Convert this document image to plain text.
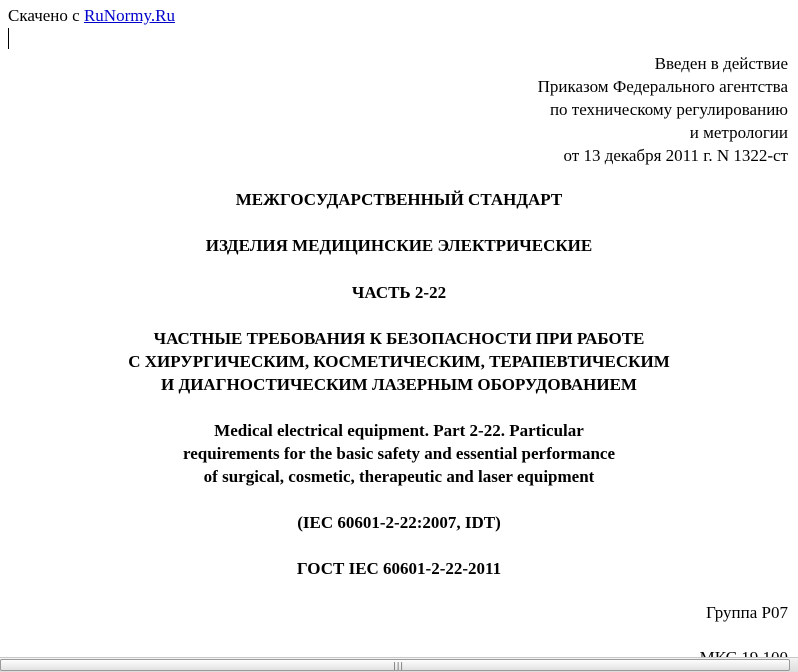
Скачено с RuNormy.Ru
Введен в действие
Приказом Федерального агентства
по техническому регулированию
и метрологии
от 13 декабря 2011 г. N 1322-ст
МЕЖГОСУДАРСТВЕННЫЙ СТАНДАРТ
ИЗДЕЛИЯ МЕДИЦИНСКИЕ ЭЛЕКТРИЧЕСКИЕ
ЧАСТЬ 2-22
ЧАСТНЫЕ ТРЕБОВАНИЯ К БЕЗОПАСНОСТИ ПРИ РАБОТЕ
С ХИРУРГИЧЕСКИМ, КОСМЕТИЧЕСКИМ, ТЕРАПЕВТИЧЕСКИМ
И ДИАГНОСТИЧЕСКИМ ЛАЗЕРНЫМ ОБОРУДОВАНИЕМ
Medical electrical equipment. Part 2-22. Particular
requirements for the basic safety and essential performance
of surgical, cosmetic, therapeutic and laser equipment
(IEC 60601-2-22:2007, IDT)
ГОСТ IEC 60601-2-22-2011
Группа Р07
|||
